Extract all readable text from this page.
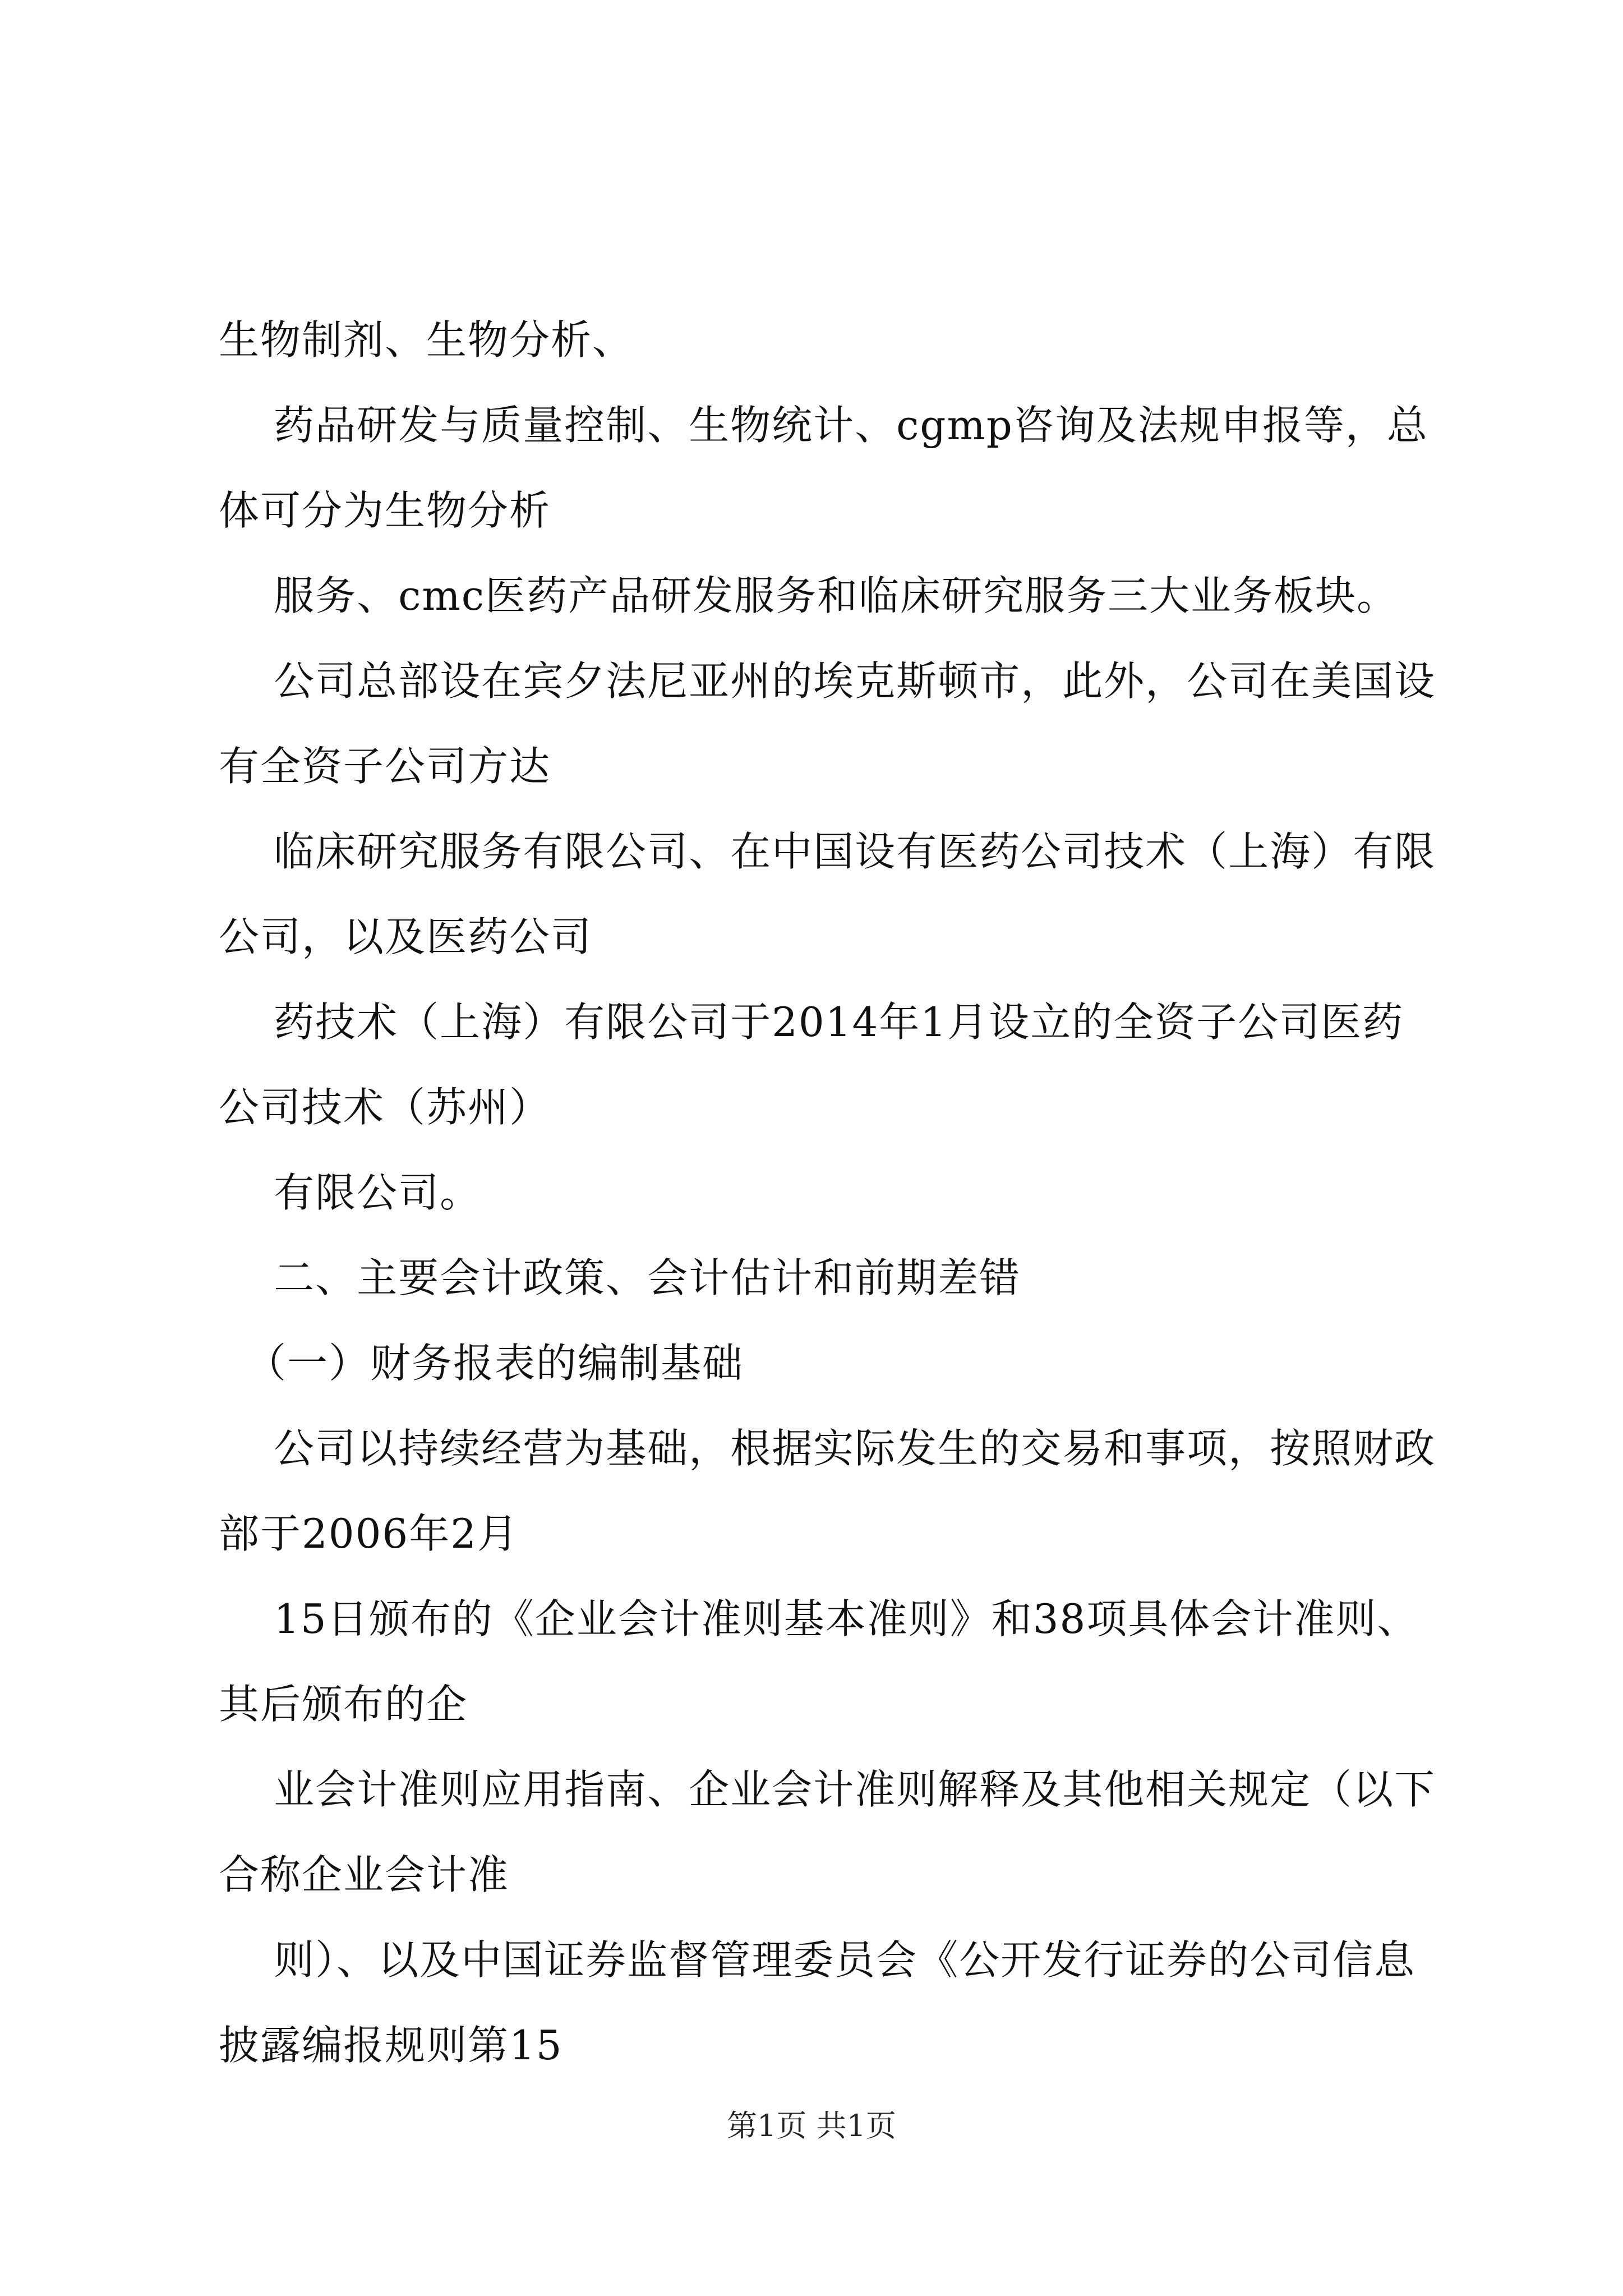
生物制剂、生物分析、

药品研发与质量控制、生物统计、cgmp咨询及法规申报等，总体可分为生物分析

服务、cmc医药产品研发服务和临床研究服务三大业务板块。

公司总部设在宾夕法尼亚州的埃克斯顿市，此外，公司在美国设有全资子公司方达

临床研究服务有限公司、在中国设有医药公司技术（上海）有限公司，以及医药公司

药技术（上海）有限公司于2014年1月设立的全资子公司医药公司技术（苏州）

有限公司。

二、主要会计政策、会计估计和前期差错

（一）财务报表的编制基础

公司以持续经营为基础，根据实际发生的交易和事项，按照财政部于2006年2月

15日颁布的《企业会计准则基本准则》和38项具体会计准则、其后颁布的企

业会计准则应用指南、企业会计准则解释及其他相关规定（以下合称企业会计准

则）、以及中国证券监督管理委员会《公开发行证券的公司信息披露编报规则第15

第1页 共1页
